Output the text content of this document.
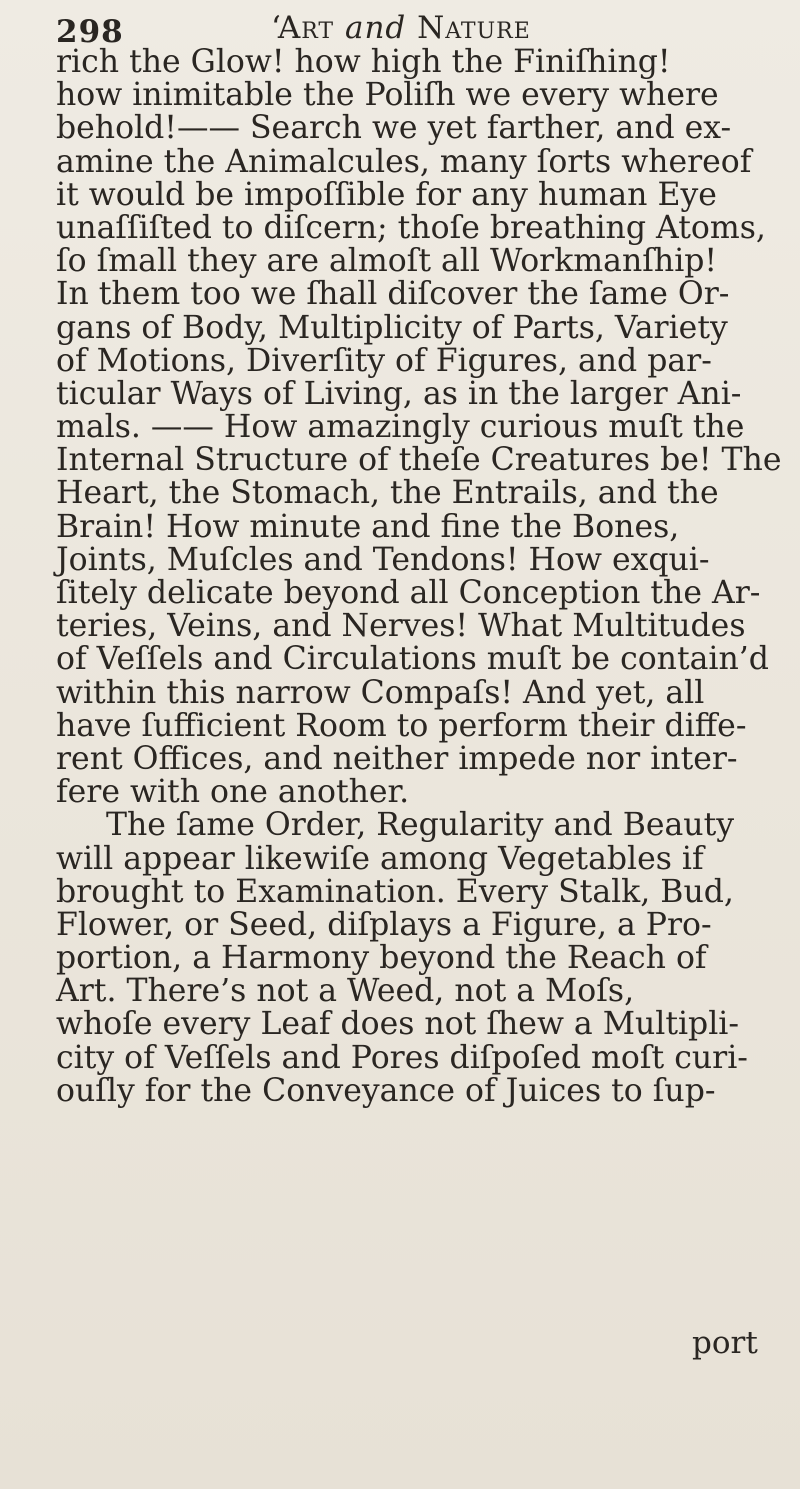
298	‘Art and Nature
rich the Glow! how high the Finiſhing!
how inimitable the Poliſh we every where
behold!—— Search we yet farther, and ex-
amine the Animalcules, many ſorts whereof
it would be impoſſible for any human Eye
unaſſiſted to diſcern; thoſe breathing Atoms,
ſo ſmall they are almoſt all Workmanſhip!
In them too we ſhall diſcover the ſame Or-
gans of Body, Multiplicity of Parts, Variety
of Motions, Diverſity of Figures, and par-
ticular Ways of Living, as in the larger Ani-
mals. —— How amazingly curious muſt the
Internal Structure of theſe Creatures be! The
Heart, the Stomach, the Entrails, and the
Brain! How minute and fine the Bones,
Joints, Muſcles and Tendons! How exqui-
ſitely delicate beyond all Conception the Ar-
teries, Veins, and Nerves! What Multitudes
of Veſſels and Circulations muſt be contain’d
within this narrow Compaſs! And yet, all
have ſufficient Room to perform their diffe-
rent Offices, and neither impede nor inter-
fere with one another.
The ſame Order, Regularity and Beauty
will appear likewiſe among Vegetables if
brought to Examination. Every Stalk, Bud,
Flower, or Seed, diſplays a Figure, a Pro-
portion, a Harmony beyond the Reach of
Art. There’s not a Weed, not a Moſs,
whoſe every Leaf does not ſhew a Multipli-
city of Veſſels and Pores diſpoſed moſt curi-
ouſly for the Conveyance of Juices to ſup-
port
